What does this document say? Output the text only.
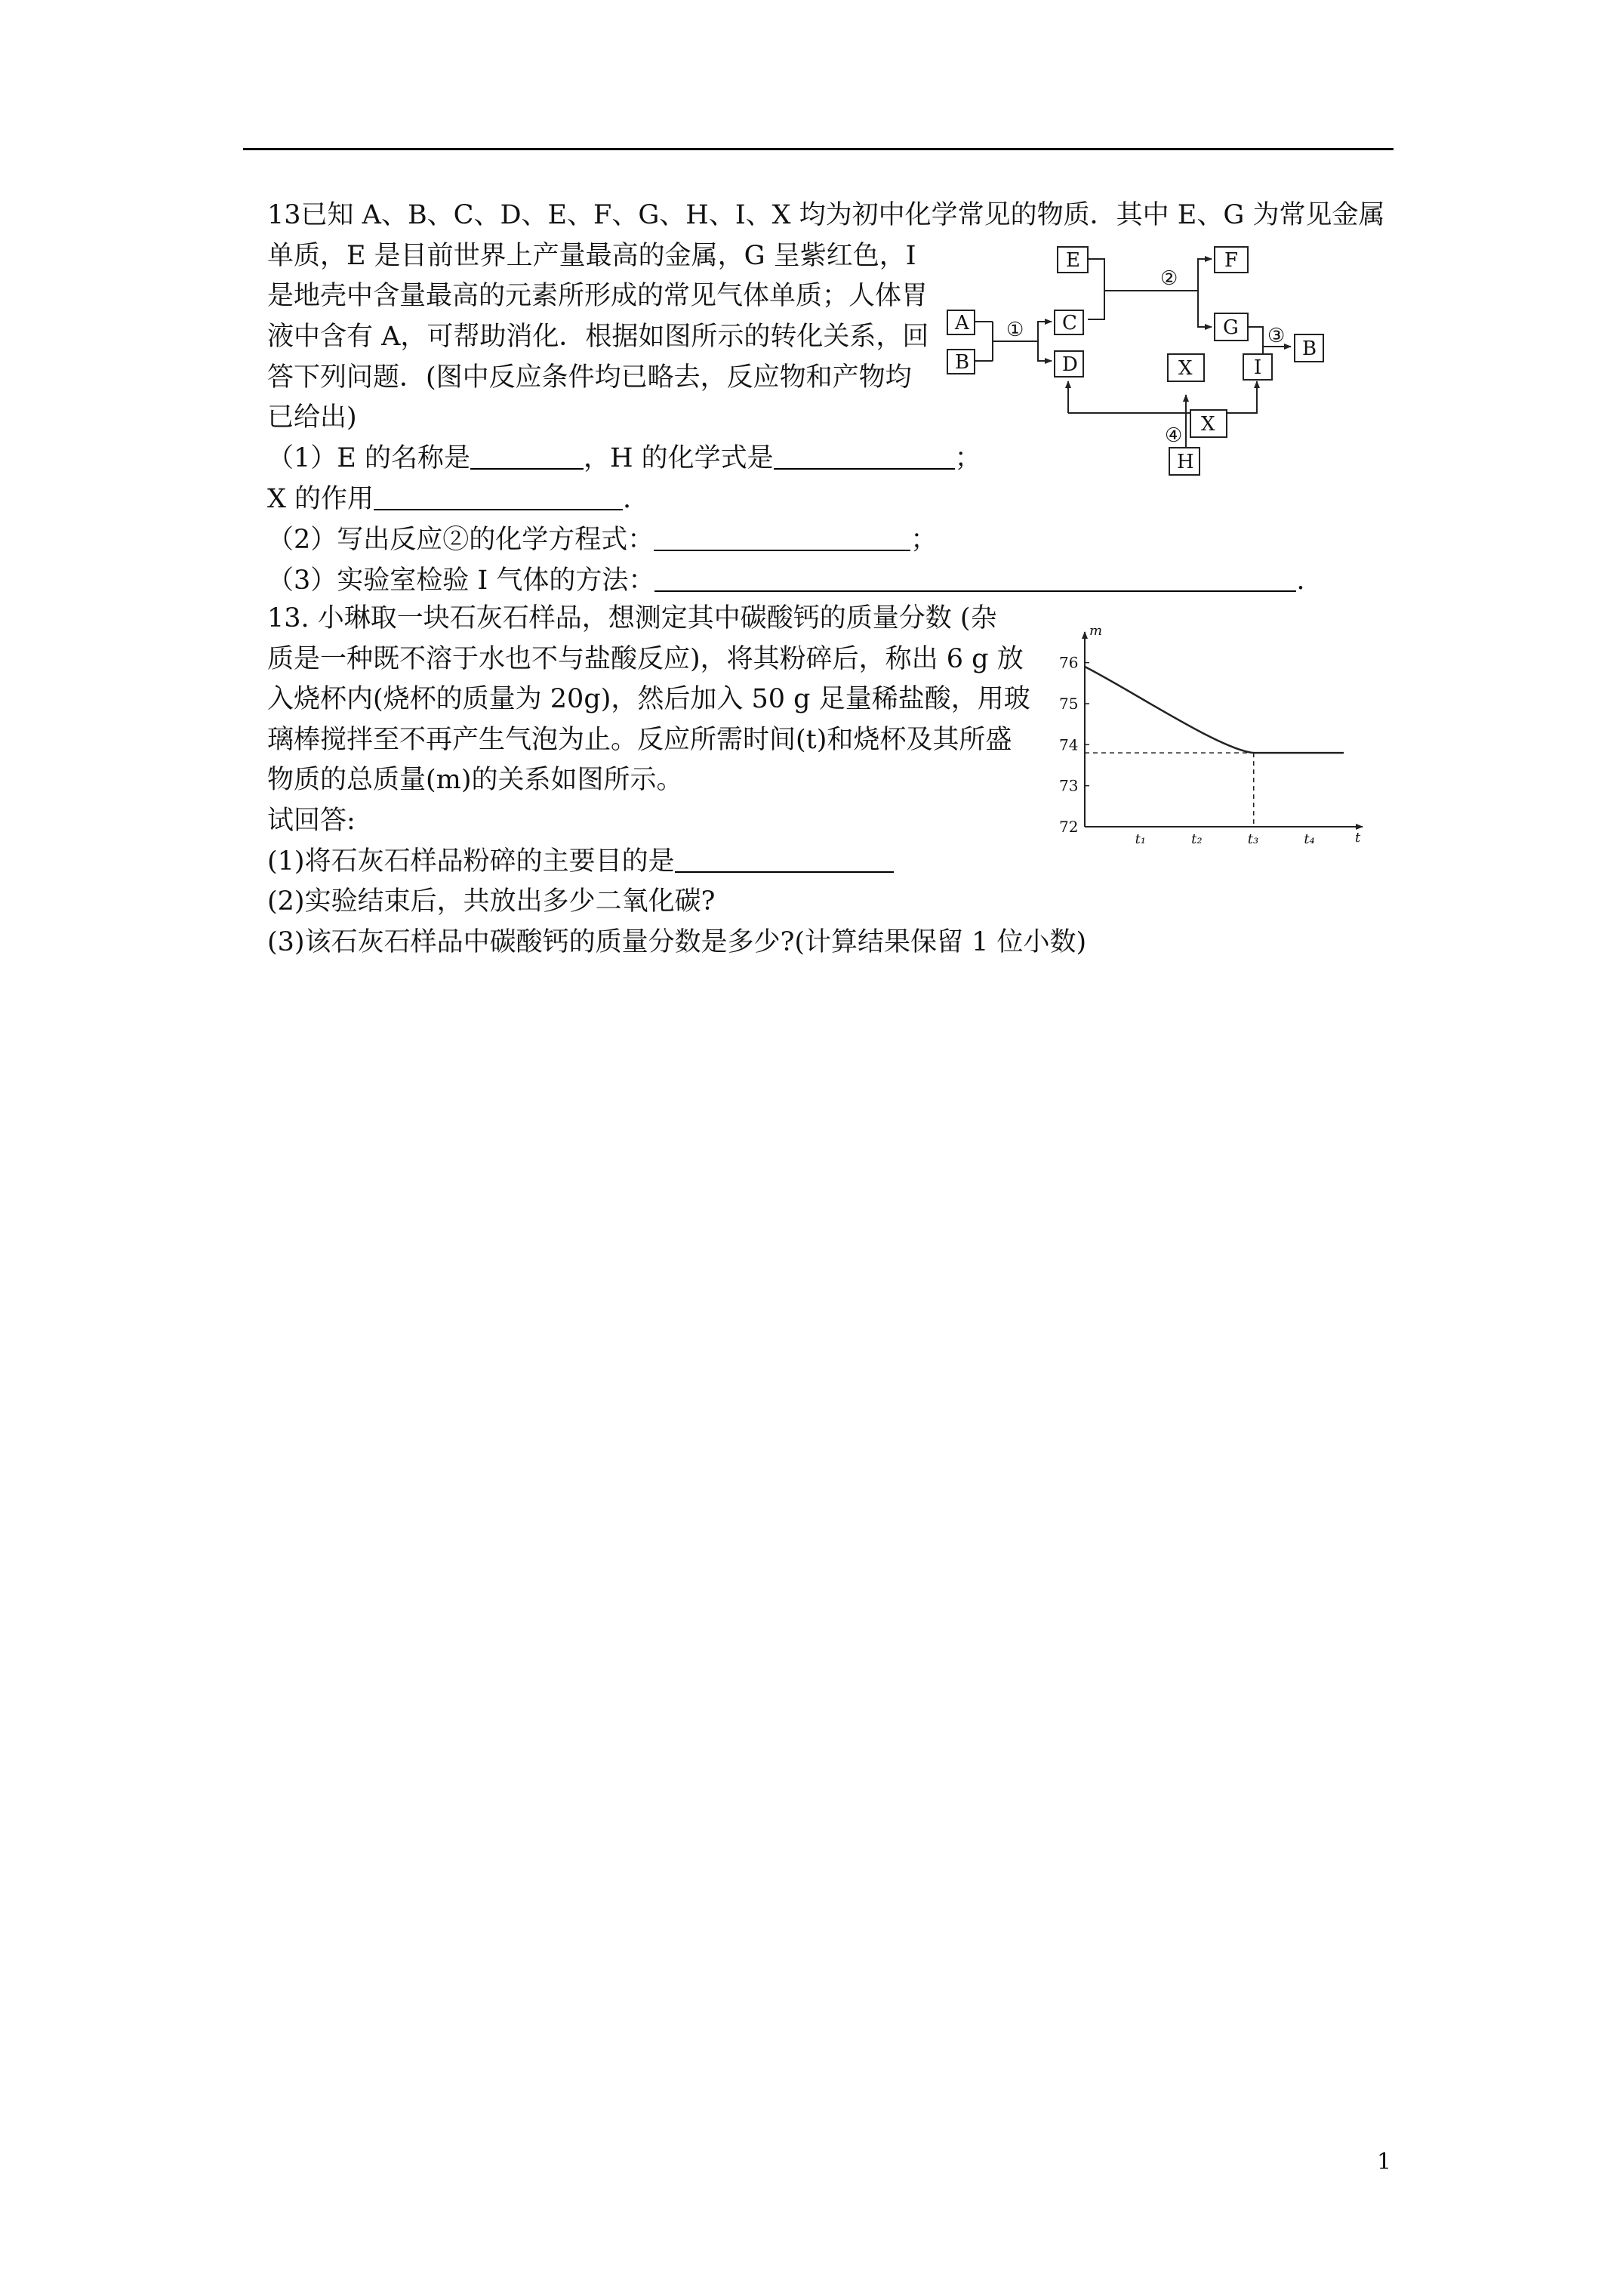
13已知 A、B、C、D、E、F、G、H、I、X 均为初中化学常见的物质．其中 E、G 为常见金属
单质，E 是目前世界上产量最高的金属，G 呈紫红色，I
是地壳中含量最高的元素所形成的常见气体单质；人体胃
液中含有 A，可帮助消化．根据如图所示的转化关系，回
答下列问题．(图中反应条件均已略去，反应物和产物均
已给出)
（1）E 的名称是	，H 的化学式是	；
X 的作用	.
（2）写出反应②的化学方程式：	；
（3）实验室检验 I 气体的方法：	.
①
②
③
④
A
B
C
D
E	F
G
I
B
X
X
H
13. 小琳取一块石灰石样品，想测定其中碳酸钙的质量分数 (杂
质是一种既不溶于水也不与盐酸反应)，将其粉碎后，称出 6 g 放
入烧杯内(烧杯的质量为 20g)，然后加入 50 g 足量稀盐酸，用玻
璃棒搅拌至不再产生气泡为止。反应所需时间(t)和烧杯及其所盛
物质的总质量(m)的关系如图所示。
试回答:
(1)将石灰石样品粉碎的主要目的是
(2)实验结束后，共放出多少二氧化碳?
(3)该石灰石样品中碳酸钙的质量分数是多少?(计算结果保留 1 位小数)
m
t
72
73
74
75
76
t₁	t₂	t₃	t₄
1
